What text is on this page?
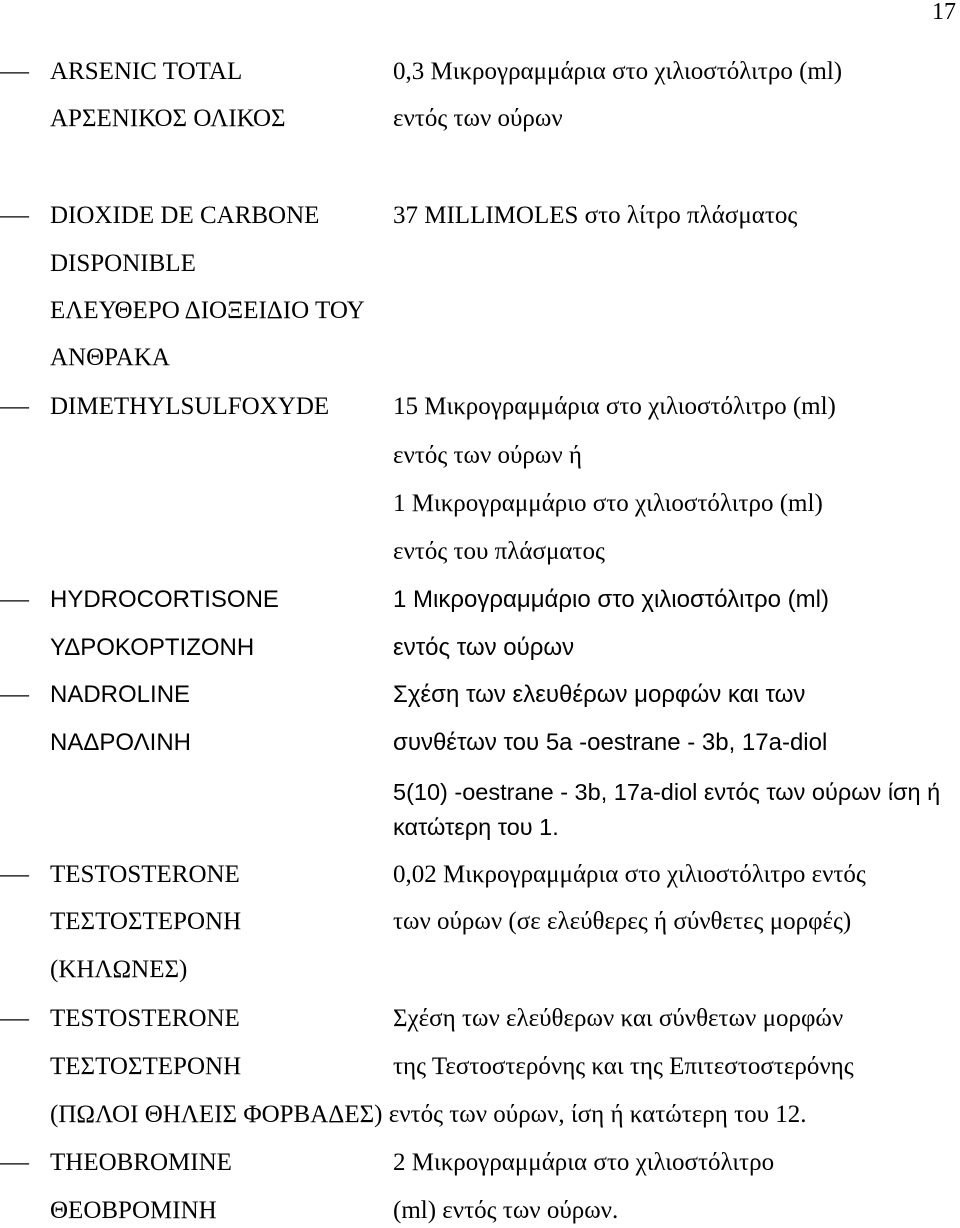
17
– ARSENIC TOTAL
ΑΡΣΕΝΙΚΟΣ ΟΛΙΚΟΣ
0,3 Μικρογραμμάρια στο χιλιοστόλιτρο (ml)
εντός των ούρων
– DIOXIDE DE CARBONE
DISPONIBLE
ΕΛΕΥΘΕΡΟ ΔΙΟΞΕΙΔΙΟ ΤΟΥ
ΑΝΘΡΑΚΑ
37 MILLIMOLES στο λίτρο πλάσματος
– DIMETHYLSULFOXYDE	15 Μικρογραμμάρια στο χιλιοστόλιτρο (ml)
εντός των ούρων ή
1 Μικρογραμμάριο στο χιλιοστόλιτρο (ml)
εντός του πλάσματος
– HYDROCORTISONE
ΥΔΡΟΚΟΡΤΙΖΟΝΗ
1 Μικρογραμμάριο στο χιλιοστόλιτρο (ml)
εντός των ούρων
– NADROLINE
ΝΑΔΡΟΛΙΝΗ
Σχέση των ελευθέρων μορφών και των
συνθέτων του 5a -oestrane - 3b, 17a-diol
5(10) -oestrane - 3b, 17a-diol εντός των ούρων ίση ή
κατώτερη του 1.
– TESTOSTERONE
ΤΕΣΤΟΣΤΕΡΟΝΗ
(ΚΗΛΩΝΕΣ)
0,02 Μικρογραμμάρια στο χιλιοστόλιτρο εντός
των ούρων (σε ελεύθερες ή σύνθετες μορφές)
– TESTOSTERONE
ΤΕΣΤΟΣΤΕΡΟΝΗ
Σχέση των ελεύθερων και σύνθετων μορφών
της Τεστοστερόνης και της Επιτεστοστερόνης
(ΠΩΛΟΙ ΘΗΛΕΙΣ ΦΟΡΒΑΔΕΣ) εντός των ούρων, ίση ή κατώτερη του 12.
– THEOBROMINE
ΘΕΟΒΡΟΜΙΝΗ
2 Μικρογραμμάρια στο χιλιοστόλιτρο
(ml) εντός των ούρων.
